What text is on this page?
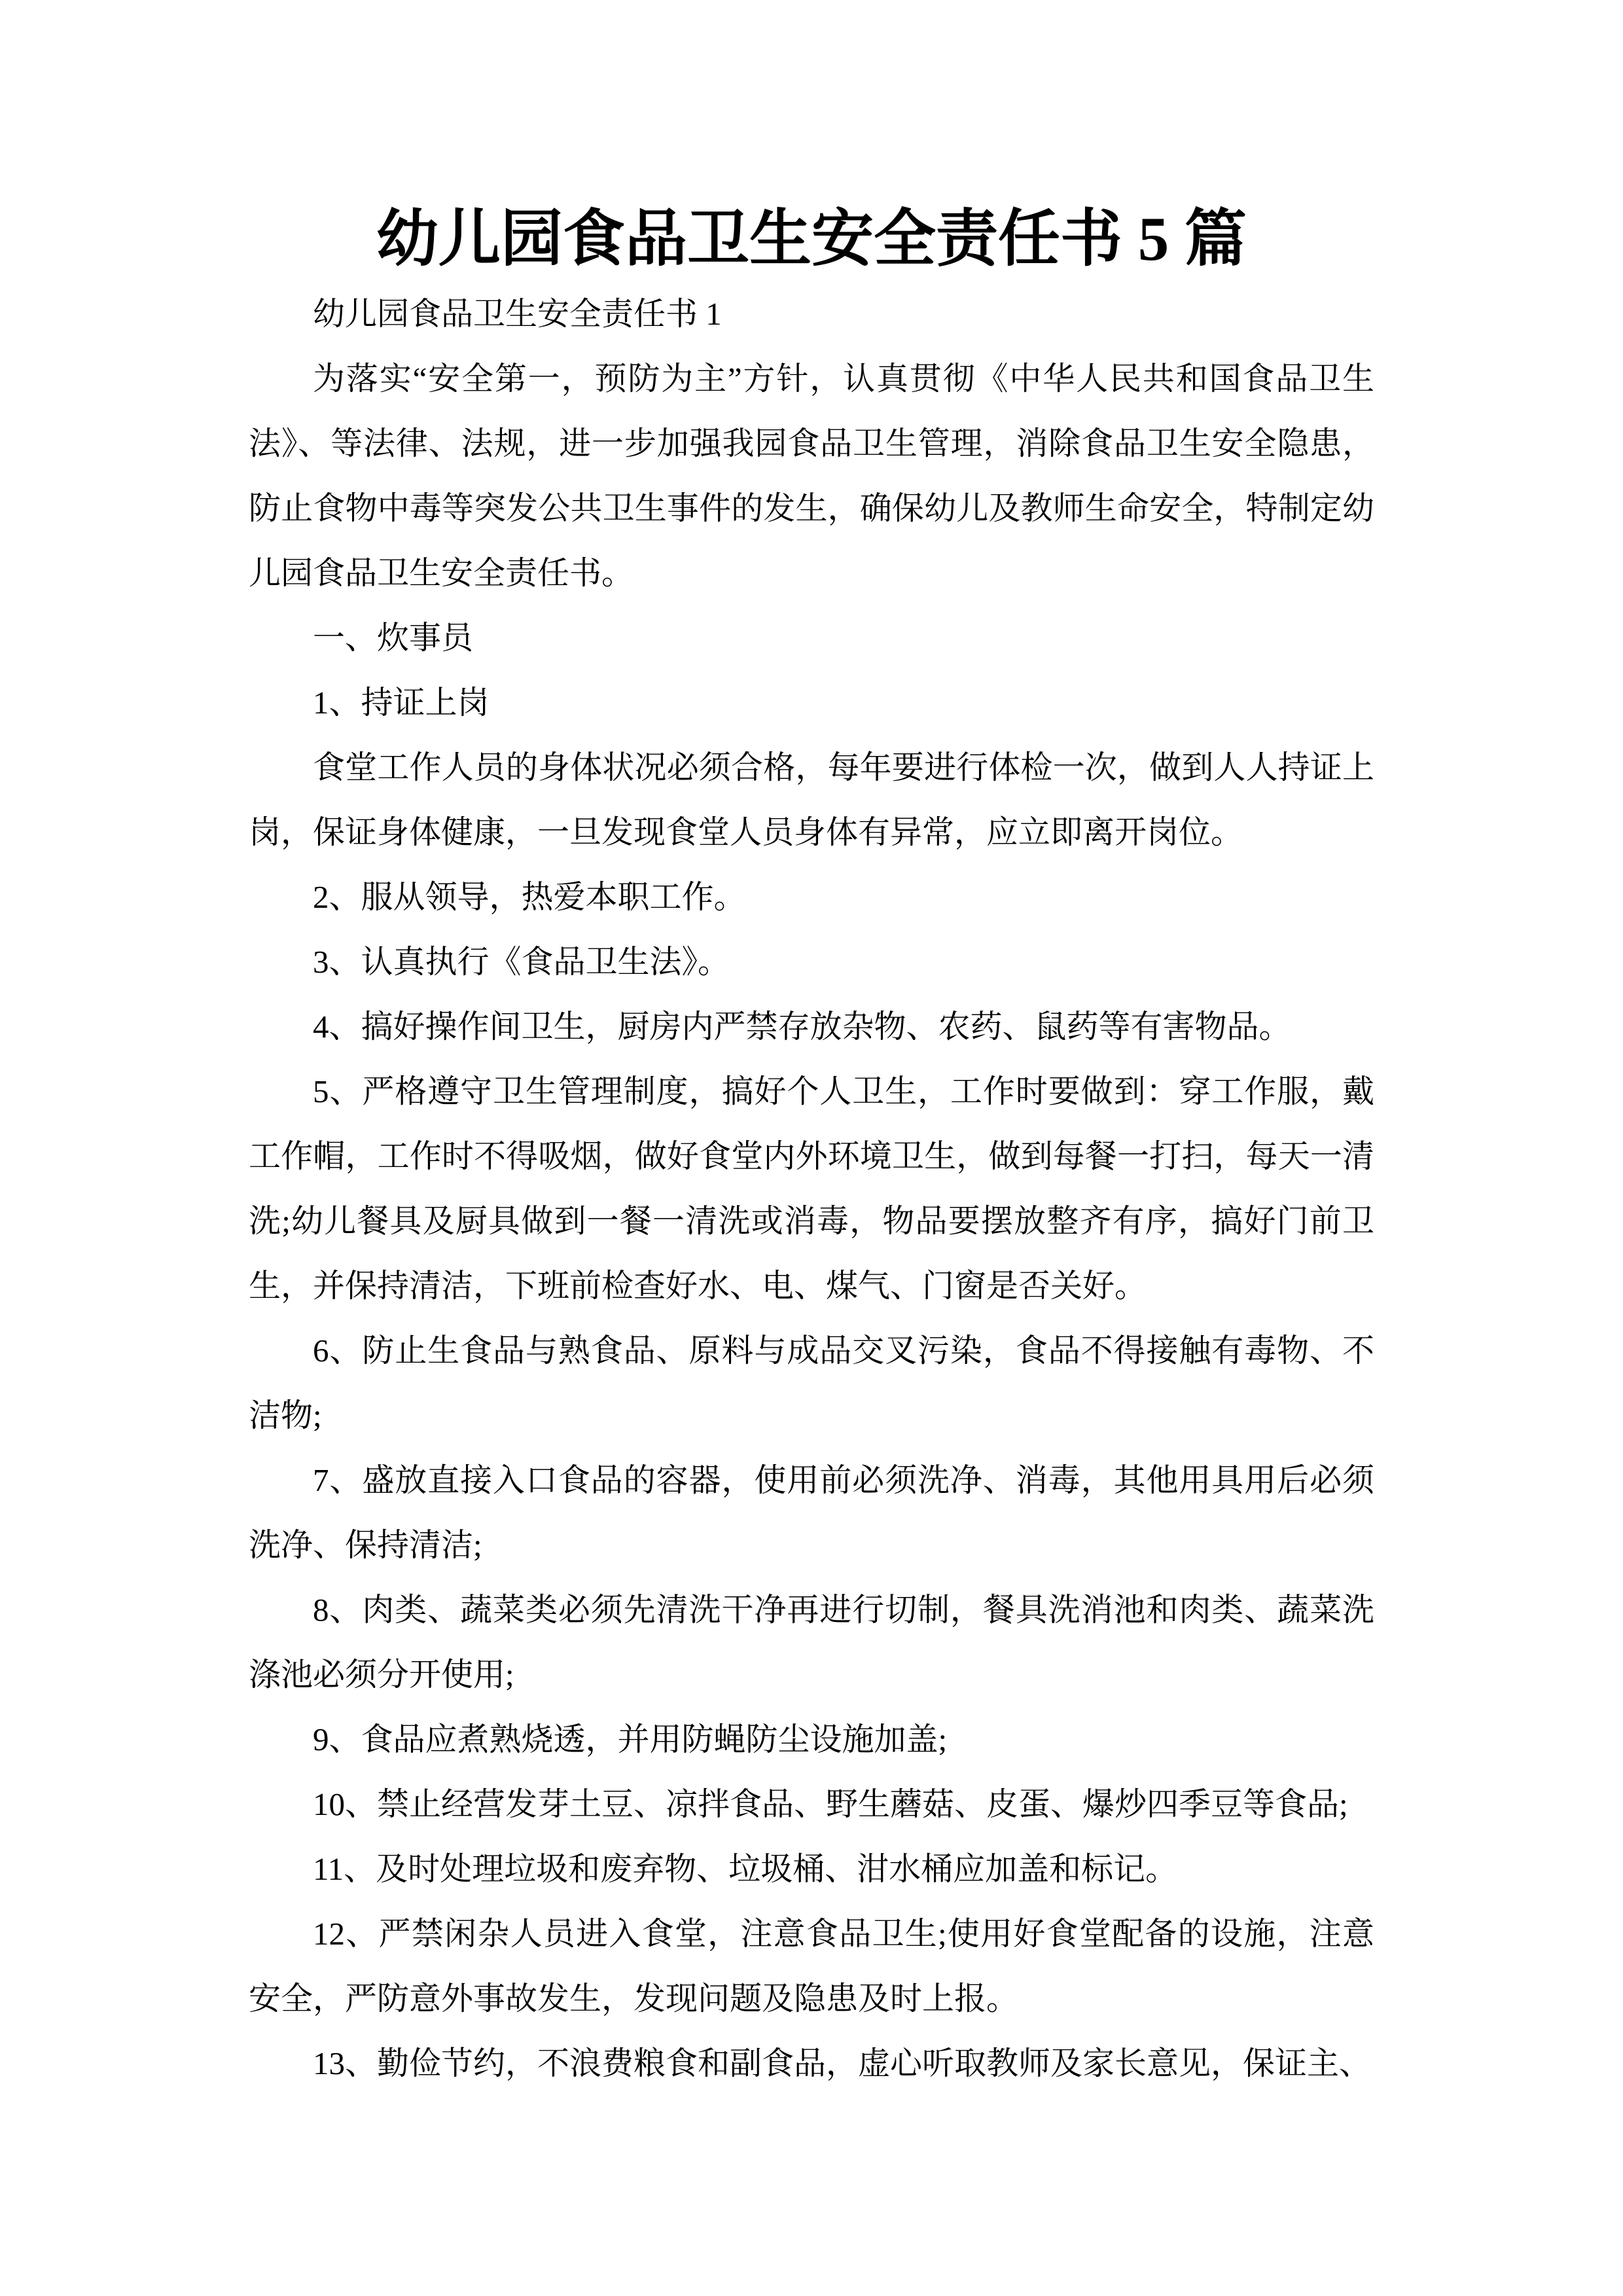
幼儿园食品卫生安全责任书 5 篇

幼儿园食品卫生安全责任书 1

为落实“安全第一，预防为主”方针，认真贯彻《中华人民共和国食品卫生法》、等法律、法规，进一步加强我园食品卫生管理，消除食品卫生安全隐患，防止食物中毒等突发公共卫生事件的发生，确保幼儿及教师生命安全，特制定幼儿园食品卫生安全责任书。

一、炊事员

1、持证上岗

食堂工作人员的身体状况必须合格，每年要进行体检一次，做到人人持证上岗，保证身体健康，一旦发现食堂人员身体有异常，应立即离开岗位。

2、服从领导，热爱本职工作。

3、认真执行《食品卫生法》。

4、搞好操作间卫生，厨房内严禁存放杂物、农药、鼠药等有害物品。

5、严格遵守卫生管理制度，搞好个人卫生，工作时要做到：穿工作服，戴工作帽，工作时不得吸烟，做好食堂内外环境卫生，做到每餐一打扫，每天一清洗;幼儿餐具及厨具做到一餐一清洗或消毒，物品要摆放整齐有序，搞好门前卫生，并保持清洁，下班前检查好水、电、煤气、门窗是否关好。

6、防止生食品与熟食品、原料与成品交叉污染，食品不得接触有毒物、不洁物;

7、盛放直接入口食品的容器，使用前必须洗净、消毒，其他用具用后必须洗净、保持清洁;

8、肉类、蔬菜类必须先清洗干净再进行切制，餐具洗消池和肉类、蔬菜洗涤池必须分开使用;

9、食品应煮熟烧透，并用防蝇防尘设施加盖;

10、禁止经营发芽土豆、凉拌食品、野生蘑菇、皮蛋、爆炒四季豆等食品;

11、及时处理垃圾和废弃物、垃圾桶、泔水桶应加盖和标记。

12、严禁闲杂人员进入食堂，注意食品卫生;使用好食堂配备的设施，注意安全，严防意外事故发生，发现问题及隐患及时上报。

13、勤俭节约，不浪费粮食和副食品，虚心听取教师及家长意见，保证主、
